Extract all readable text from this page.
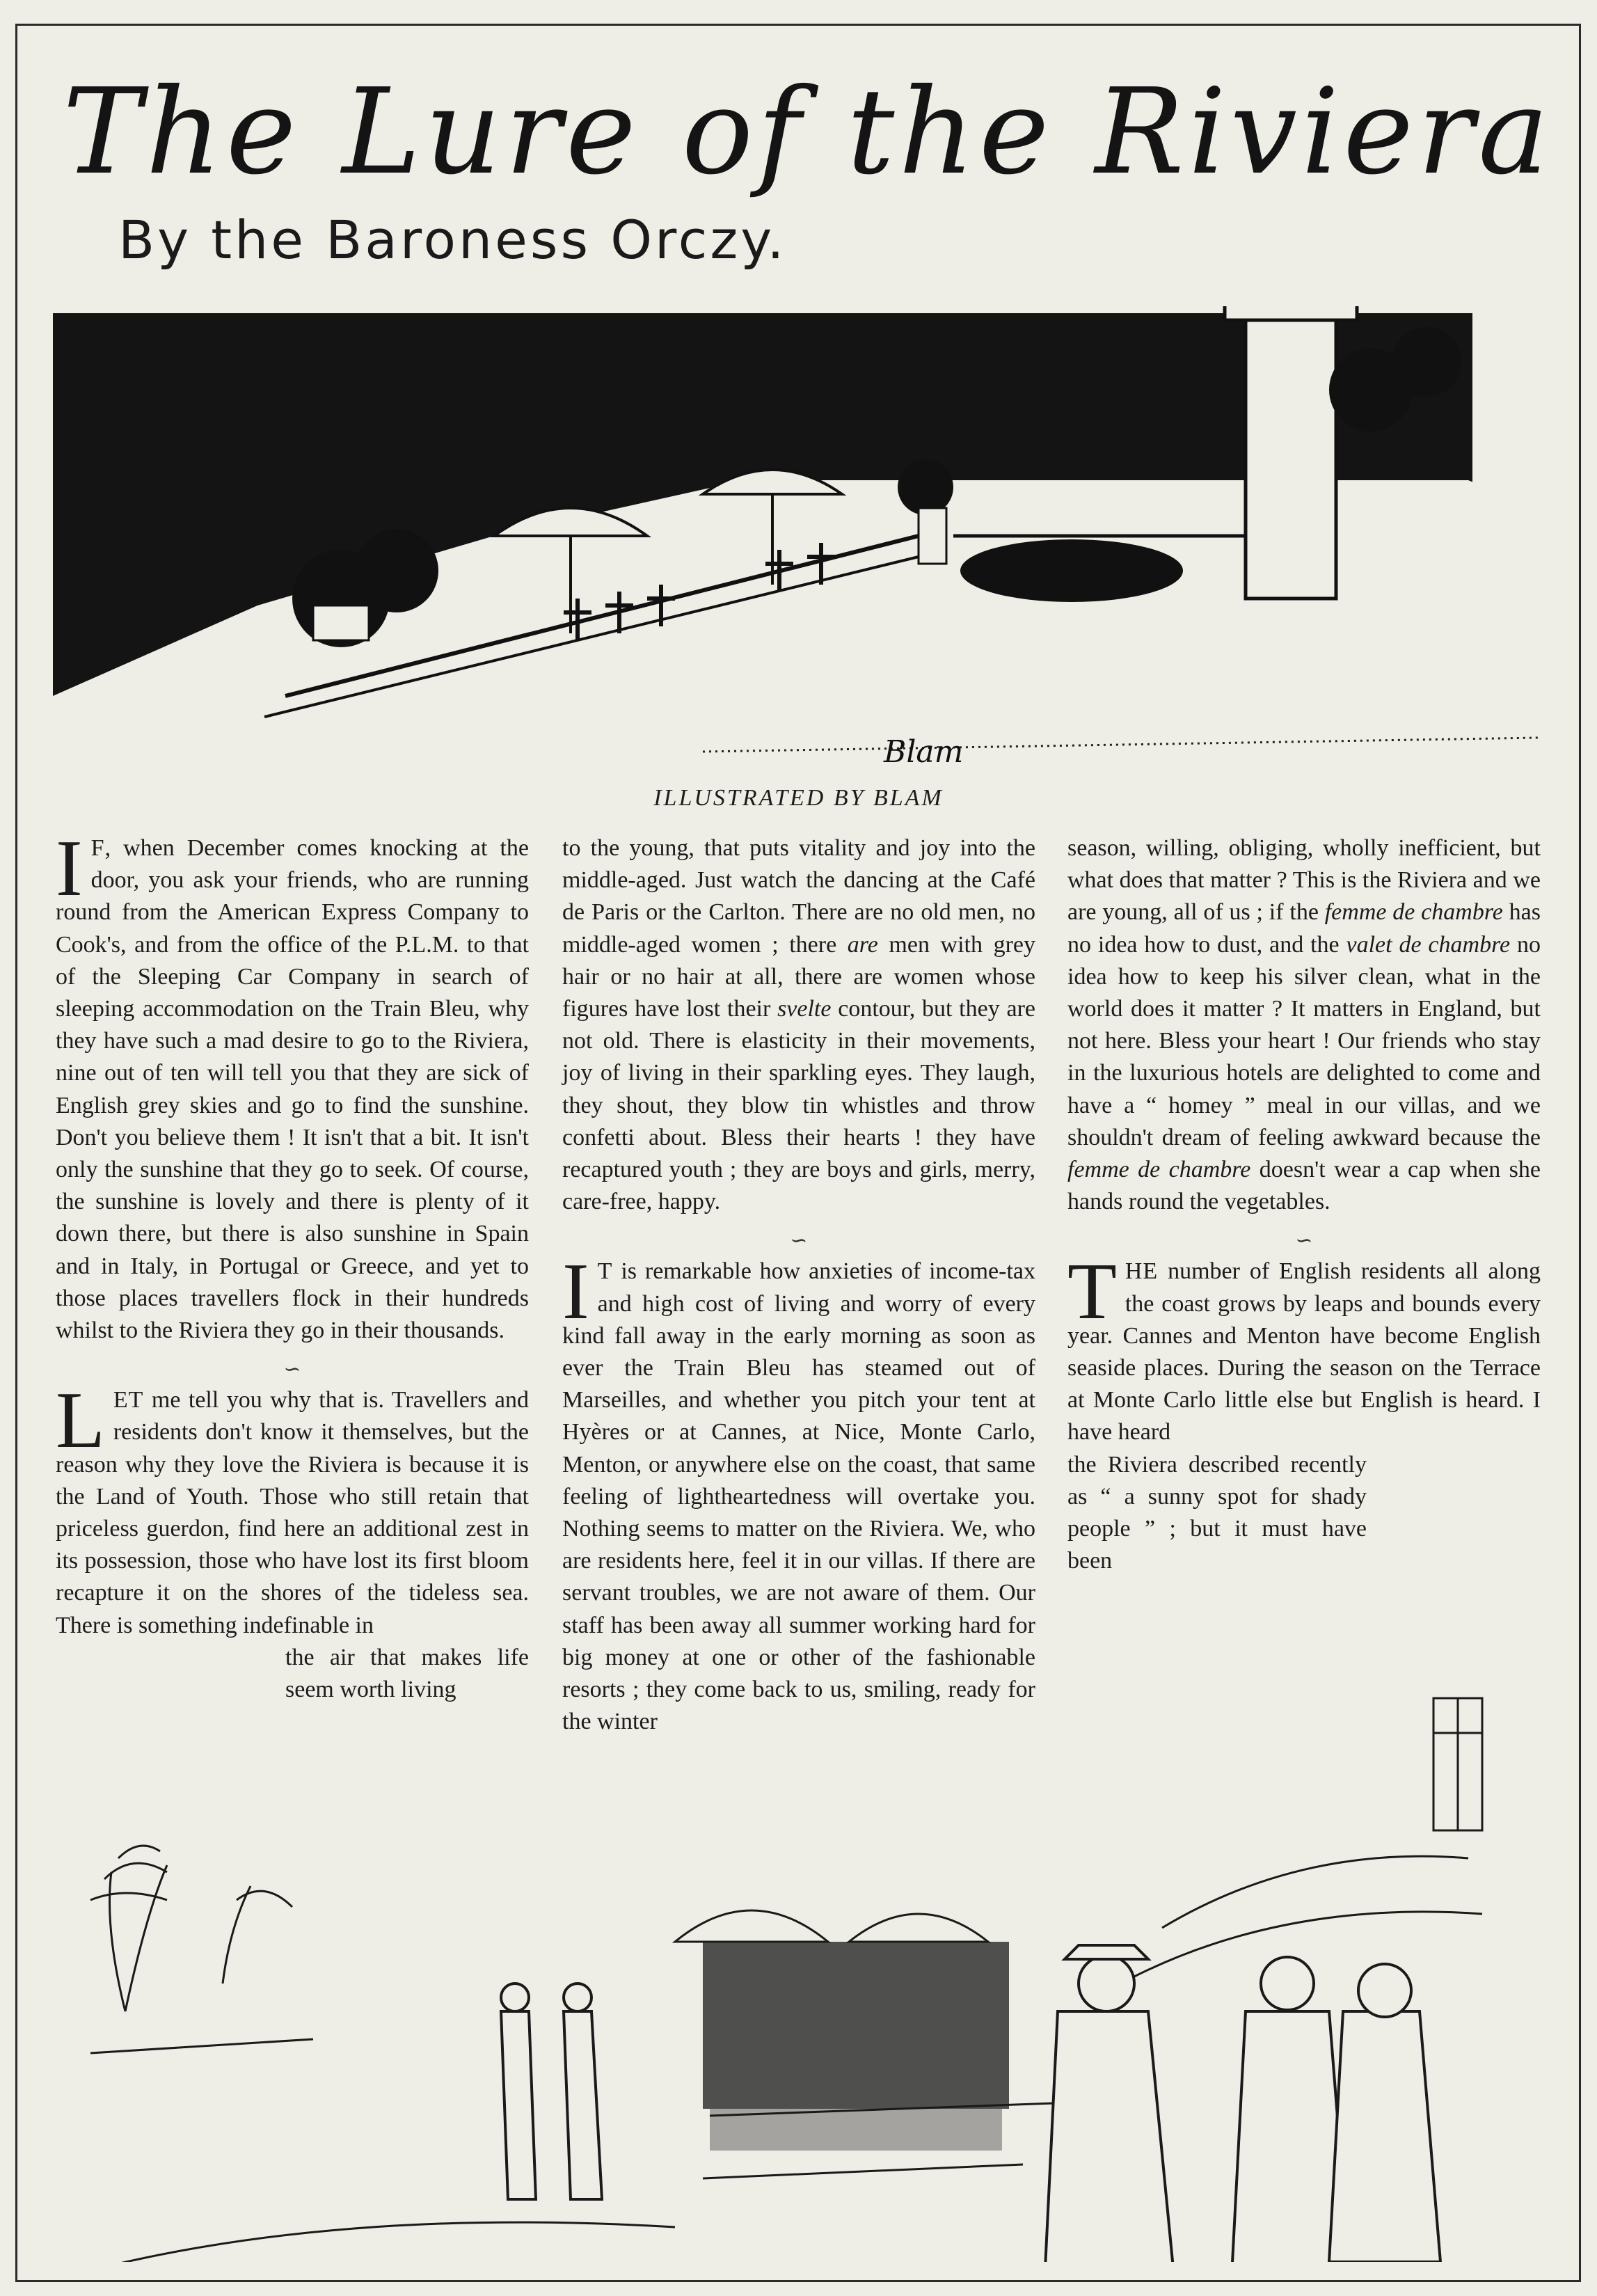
The Lure of the Riviera
By the Baroness Orczy.
Blam
ILLUSTRATED BY BLAM

I F, when December comes knocking at the door, you ask your friends, who are running round from the American Express Company to Cook's, and from the office of the P.L.M. to that of the Sleeping Car Company in search of sleeping accommodation on the Train Bleu, why they have such a mad desire to go to the Riviera, nine out of ten will tell you that they are sick of English grey skies and go to find the sunshine. Don't you believe them ! It isn't that a bit. It isn't only the sunshine that they go to seek. Of course, the sunshine is lovely and there is plenty of it down there, but there is also sunshine in Spain and in Italy, in Portugal or Greece, and yet to those places travellers flock in their hundreds whilst to the Riviera they go in their thousands.

∽

LET me tell you why that is. Travellers and residents don't know it themselves, but the reason why they love the Riviera is because it is the Land of Youth. Those who still retain that priceless guerdon, find here an additional zest in its possession, those who have lost its first bloom recapture it on the shores of the tideless sea. There is something indefinable in

the air that makes life seem worth living

to the young, that puts vitality and joy into the middle-aged. Just watch the dancing at the Café de Paris or the Carlton. There are no old men, no middle-aged women ; there are men with grey hair or no hair at all, there are women whose figures have lost their svelte contour, but they are not old. There is elasticity in their movements, joy of living in their sparkling eyes. They laugh, they shout, they blow tin whistles and throw confetti about. Bless their hearts ! they have recaptured youth ; they are boys and girls, merry, care-free, happy.

∽

I T is remarkable how anxieties of income-tax and high cost of living and worry of every kind fall away in the early morning as soon as ever the Train Bleu has steamed out of Marseilles, and whether you pitch your tent at Hyères or at Cannes, at Nice, Monte Carlo, Menton, or anywhere else on the coast, that same feeling of lightheartedness will overtake you. Nothing seems to matter on the Riviera. We, who are residents here, feel it in our villas. If there are servant troubles, we are not aware of them. Our staff has been away all summer working hard for big money at one or other of the fashionable resorts ; they come back to us, smiling, ready for the winter

season, willing, obliging, wholly inefficient, but what does that matter ? This is the Riviera and we are young, all of us ; if the femme de chambre has no idea how to dust, and the valet de chambre no idea how to keep his silver clean, what in the world does it matter ? It matters in England, but not here. Bless your heart ! Our friends who stay in the luxurious hotels are delighted to come and have a “ homey ” meal in our villas, and we shouldn't dream of feeling awkward because the femme de chambre doesn't wear a cap when she hands round the vegetables.

∽

THE number of English residents all along the coast grows by leaps and bounds every year. Cannes and Menton have become English seaside places. During the season on the Terrace at Monte Carlo little else but English is heard. I have heard

the Riviera described recently as “ a sunny spot for shady people ” ; but it must have been
